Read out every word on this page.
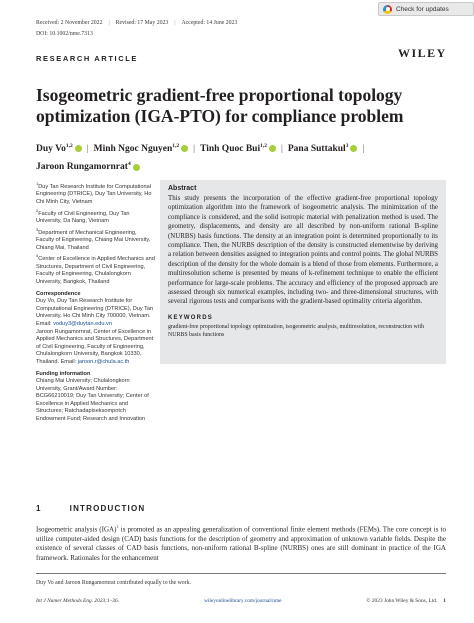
Check for updates
Received: 2 November 2022 | Revised: 17 May 2023 | Accepted: 14 June 2023
DOI: 10.1002/nme.7313
RESEARCH ARTICLE	WILEY
Isogeometric gradient-free proportional topology optimization (IGA-PTO) for compliance problem
Duy Vo$^{1,2}$ | Minh Ngoc Nguyen$^{1,2}$ | Tinh Quoc Bui$^{1,2}$ | Pana Suttakul$^3$ |
Jaroon Rungamornrat$^4$
$^1$Duy Tan Research Institute for Computational Engineering (DTRICE), Duy Tan University, Ho Chi Minh City, Vietnam
$^2$Faculty of Civil Engineering, Duy Tan University, Da Nang, Vietnam
$^3$Department of Mechanical Engineering, Faculty of Engineering, Chiang Mai University, Chiang Mai, Thailand
$^4$Center of Excellence in Applied Mechanics and Structures, Department of Civil Engineering, Faculty of Engineering, Chulalongkorn University, Bangkok, Thailand
Correspondence
Duy Vo, Duy Tan Research Institute for Computational Engineering (DTRICE), Duy Tan University, Ho Chi Minh City 700000, Vietnam. Email: voduy3@duytan.edu.vn
Jaroon Rungamornrat, Center of Excellence in Applied Mechanics and Structures, Department of Civil Engineering, Faculty of Engineering, Chulalongkorn University, Bangkok 10330, Thailand. Email: jaroon.r@chula.ac.th
Funding information
Chiang Mai University; Chulalongkorn University, Grant/Award Number: BCG66210019; Duy Tan University; Center of Excellence in Applied Mechanics and Structures; Ratchadapiseksompotch Endowment Fund; Research and Innovation
Abstract
This study presents the incorporation of the effective gradient-free proportional topology optimization algorithm into the framework of isogeometric analysis. The minimization of the compliance is considered, and the solid isotropic material with penalization method is used. The geometry, displacements, and density are all described by non-uniform rational B-spline (NURBS) basis functions. The density at an integration point is determined proportionally to its compliance. Then, the NURBS description of the density is constructed elementwise by deriving a relation between densities assigned to integration points and control points. The global NURBS description of the density for the whole domain is a blend of those from elements. Furthermore, a multiresolution scheme is presented by means of k-refinement technique to enable the efficient performance for large-scale problems. The accuracy and efficiency of the proposed approach are assessed through six numerical examples, including two- and three-dimensional structures, with several rigorous tests and comparisons with the gradient-based optimality criteria algorithm.
KEYWORDS
gradient-free proportional topology optimization, isogeometric analysis, multiresolution, reconstruction with NURBS basis functions
1	INTRODUCTION
Isogeometric analysis (IGA)$^1$ is promoted as an appealing generalization of conventional finite element methods (FEMs). The core concept is to utilize computer-aided design (CAD) basis functions for the description of geometry and approximation of unknown variable fields. Despite the existence of several classes of CAD basis functions, non-uniform rational B-spline (NURBS) ones are still dominant in practice of the IGA framework. Rationales for the enhancement
Duy Vo and Jaroon Rungamornrat contributed equally to the work.
Int J Numer Methods Eng. 2023;1–36.	wileyonlinelibrary.com/journal/nme	© 2023 John Wiley & Sons, Ltd. 1
